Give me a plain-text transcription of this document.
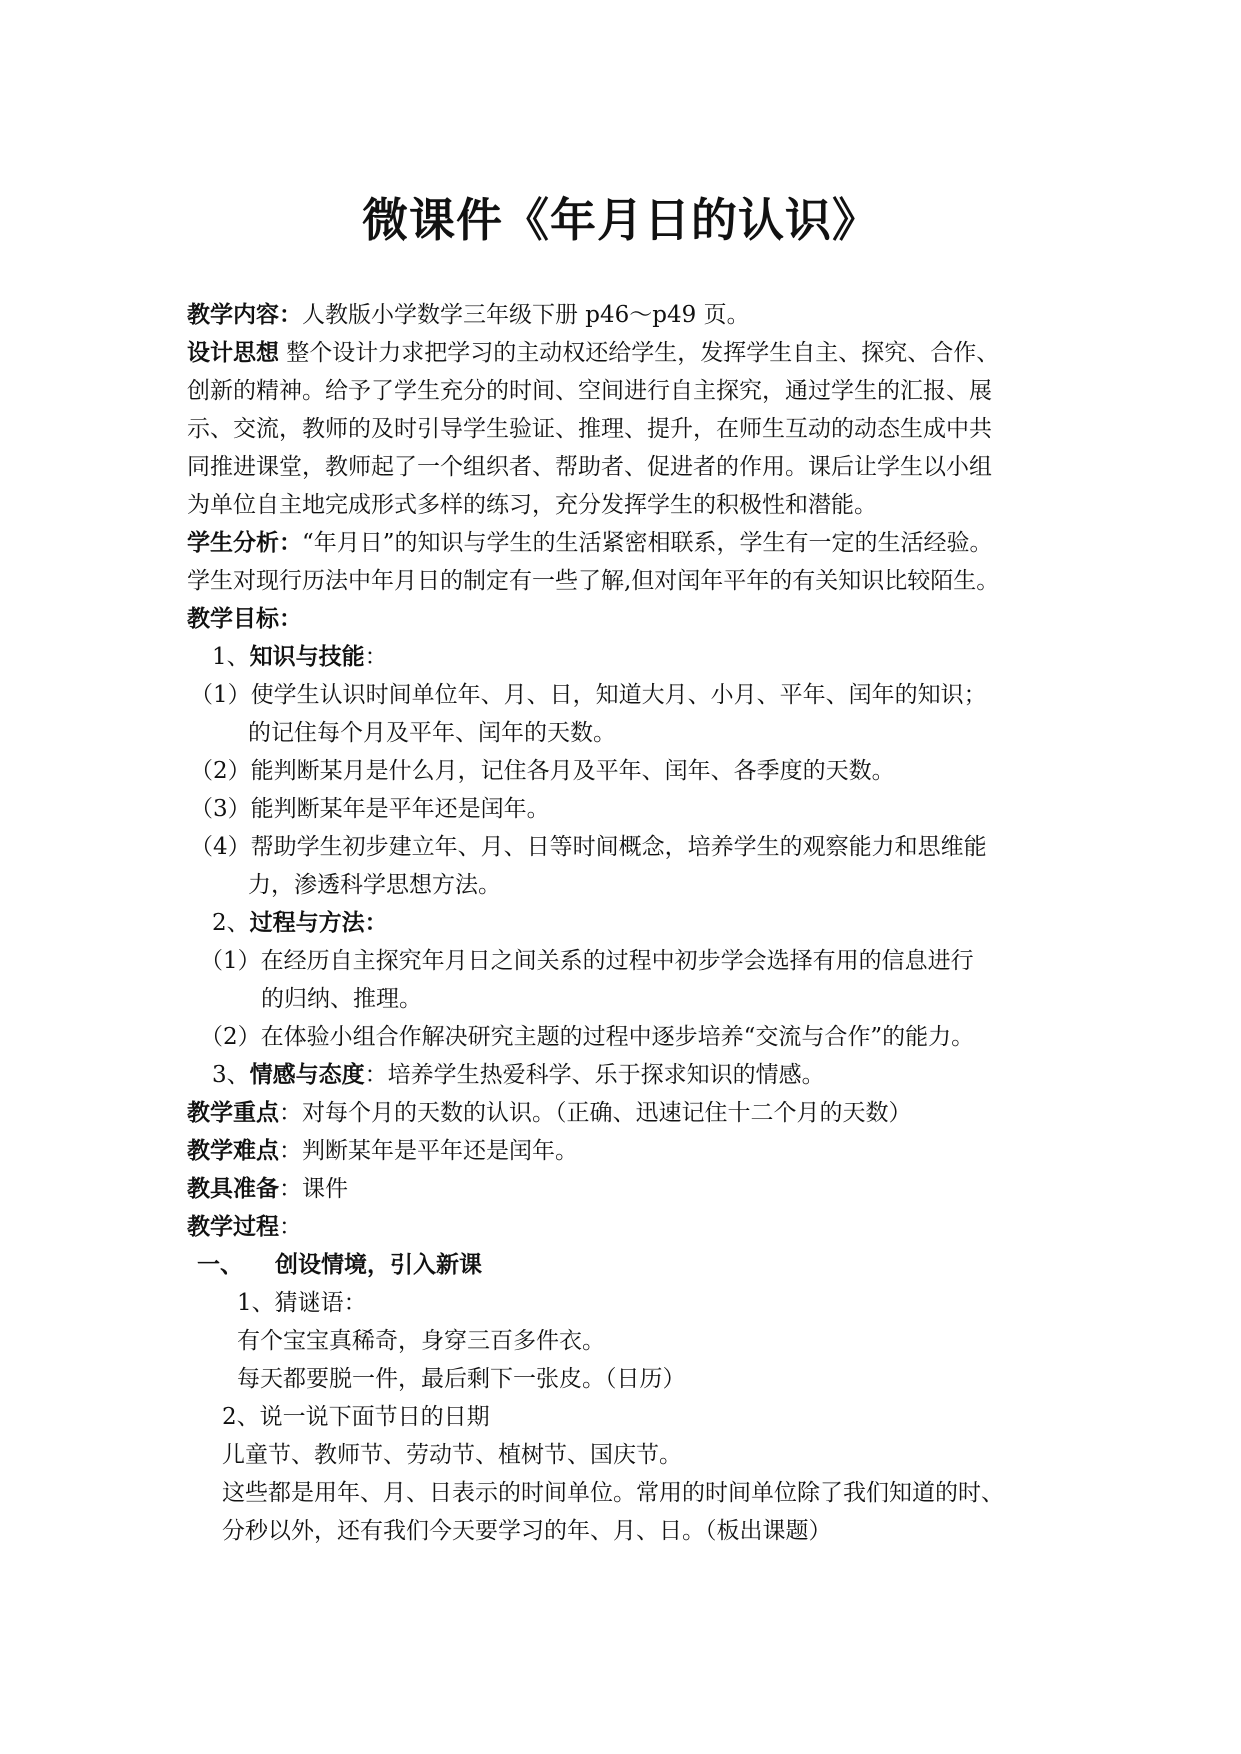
微课件《年月日的认识》
教学内容：人教版小学数学三年级下册 p46～p49 页。
设计思想 整个设计力求把学习的主动权还给学生，发挥学生自主、探究、合作、
创新的精神。给予了学生充分的时间、空间进行自主探究，通过学生的汇报、展
示、交流，教师的及时引导学生验证、推理、提升，在师生互动的动态生成中共
同推进课堂，教师起了一个组织者、帮助者、促进者的作用。课后让学生以小组
为单位自主地完成形式多样的练习，充分发挥学生的积极性和潜能。
学生分析：“年月日”的知识与学生的生活紧密相联系，学生有一定的生活经验。
学生对现行历法中年月日的制定有一些了解,但对闰年平年的有关知识比较陌生。
教学目标：
1、知识与技能：
（1）使学生认识时间单位年、月、日，知道大月、小月、平年、闰年的知识；
的记住每个月及平年、闰年的天数。
（2）能判断某月是什么月，记住各月及平年、闰年、各季度的天数。
（3）能判断某年是平年还是闰年。
（4）帮助学生初步建立年、月、日等时间概念，培养学生的观察能力和思维能
力，渗透科学思想方法。
2、过程与方法：
（1）在经历自主探究年月日之间关系的过程中初步学会选择有用的信息进行
的归纳、推理。
（2）在体验小组合作解决研究主题的过程中逐步培养“交流与合作”的能力。
3、情感与态度：培养学生热爱科学、乐于探求知识的情感。
教学重点：对每个月的天数的认识。（正确、迅速记住十二个月的天数）
教学难点：判断某年是平年还是闰年。
教具准备：课件
教学过程：
一、    创设情境，引入新课
1、猜谜语：
有个宝宝真稀奇，身穿三百多件衣。
每天都要脱一件，最后剩下一张皮。（日历）
2、说一说下面节日的日期
儿童节、教师节、劳动节、植树节、国庆节。
这些都是用年、月、日表示的时间单位。常用的时间单位除了我们知道的时、
分秒以外，还有我们今天要学习的年、月、日。（板出课题）
